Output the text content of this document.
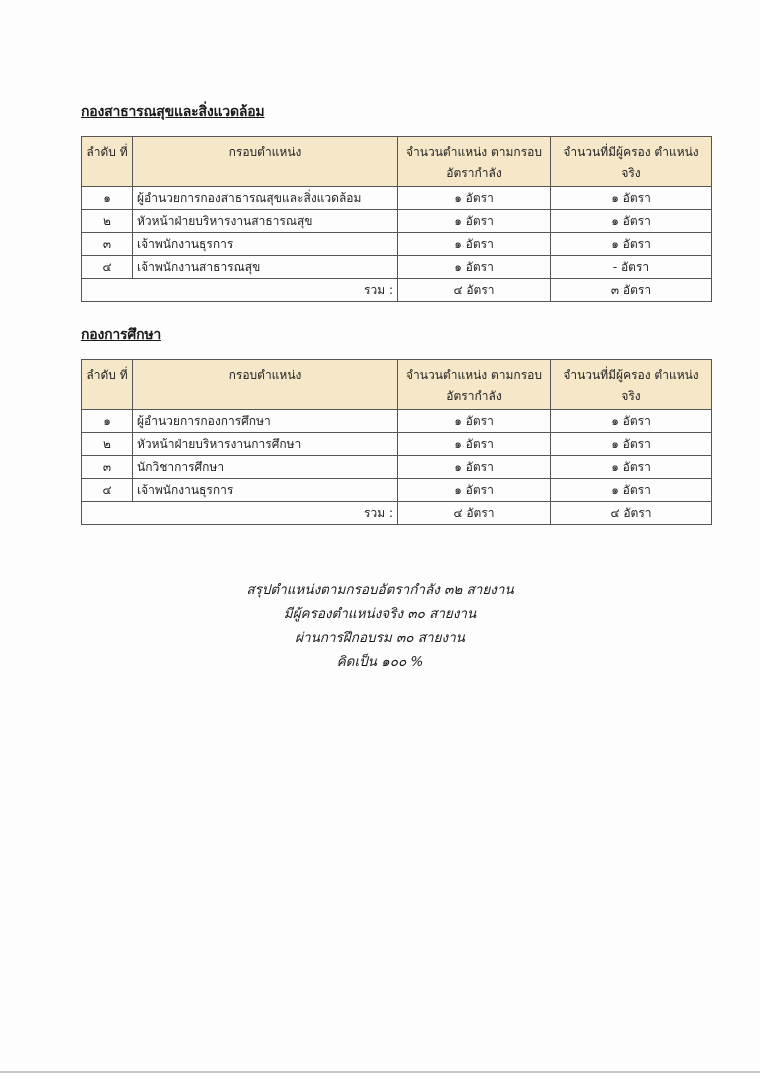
กองสาธารณสุขและสิ่งแวดล้อม
ลำดับ ที่	กรอบตำแหน่ง	จำนวนตำแหน่ง ตามกรอบอัตรากำลัง	จำนวนที่มีผู้ครอง ตำแหน่งจริง
๑	ผู้อำนวยการกองสาธารณสุขและสิ่งแวดล้อม	๑ อัตรา	๑ อัตรา
๒	หัวหน้าฝ่ายบริหารงานสาธารณสุข	๑ อัตรา	๑ อัตรา
๓	เจ้าพนักงานธุรการ	๑ อัตรา	๑ อัตรา
๔	เจ้าพนักงานสาธารณสุข	๑ อัตรา	- อัตรา
รวม :		๔ อัตรา	๓ อัตรา
กองการศึกษา
ลำดับ ที่	กรอบตำแหน่ง	จำนวนตำแหน่ง ตามกรอบอัตรากำลัง	จำนวนที่มีผู้ครอง ตำแหน่งจริง
๑	ผู้อำนวยการกองการศึกษา	๑ อัตรา	๑ อัตรา
๒	หัวหน้าฝ่ายบริหารงานการศึกษา	๑ อัตรา	๑ อัตรา
๓	นักวิชาการศึกษา	๑ อัตรา	๑ อัตรา
๔	เจ้าพนักงานธุรการ	๑ อัตรา	๑ อัตรา
รวม :		๔ อัตรา	๔ อัตรา
สรุปตำแหน่งตามกรอบอัตรากำลัง ๓๒ สายงาน
มีผู้ครองตำแหน่งจริง ๓๐ สายงาน
ผ่านการฝึกอบรม ๓๐ สายงาน
คิดเป็น ๑๐๐ %
